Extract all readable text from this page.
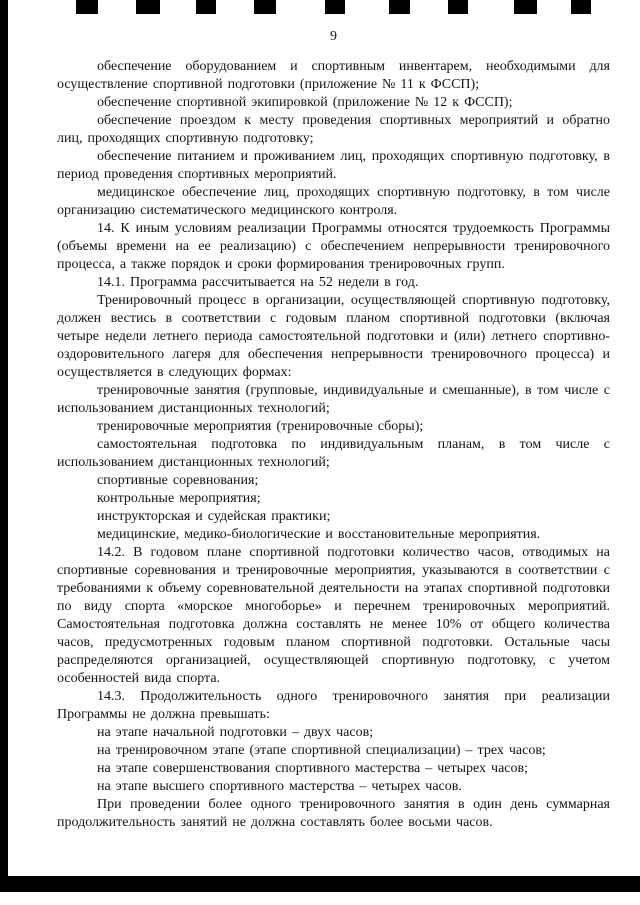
9

обеспечение оборудованием и спортивным инвентарем, необходимыми для осуществление спортивной подготовки (приложение № 11 к ФССП);

обеспечение спортивной экипировкой (приложение № 12 к ФССП);

обеспечение проездом к месту проведения спортивных мероприятий и обратно лиц, проходящих спортивную подготовку;

обеспечение питанием и проживанием лиц, проходящих спортивную подготовку, в период проведения спортивных мероприятий.

медицинское обеспечение лиц, проходящих спортивную подготовку, в том числе организацию систематического медицинского контроля.

14. К иным условиям реализации Программы относятся трудоемкость Программы (объемы времени на ее реализацию) с обеспечением непрерывности тренировочного процесса, а также порядок и сроки формирования тренировочных групп.

14.1. Программа рассчитывается на 52 недели в год.

Тренировочный процесс в организации, осуществляющей спортивную подготовку, должен вестись в соответствии с годовым планом спортивной подготовки (включая четыре недели летнего периода самостоятельной подготовки и (или) летнего спортивно-оздоровительного лагеря для обеспечения непрерывности тренировочного процесса) и осуществляется в следующих формах:

тренировочные занятия (групповые, индивидуальные и смешанные), в том числе с использованием дистанционных технологий;

тренировочные мероприятия (тренировочные сборы);

самостоятельная подготовка по индивидуальным планам, в том числе с использованием дистанционных технологий;

спортивные соревнования;

контрольные мероприятия;

инструкторская и судейская практики;

медицинские, медико-биологические и восстановительные мероприятия.

14.2. В годовом плане спортивной подготовки количество часов, отводимых на спортивные соревнования и тренировочные мероприятия, указываются в соответствии с требованиями к объему соревновательной деятельности на этапах спортивной подготовки по виду спорта «морское многоборье» и перечнем тренировочных мероприятий. Самостоятельная подготовка должна составлять не менее 10% от общего количества часов, предусмотренных годовым планом спортивной подготовки. Остальные часы распределяются организацией, осуществляющей спортивную подготовку, с учетом особенностей вида спорта.

14.3. Продолжительность одного тренировочного занятия при реализации Программы не должна превышать:

на этапе начальной подготовки – двух часов;

на тренировочном этапе (этапе спортивной специализации) – трех часов;

на этапе совершенствования спортивного мастерства – четырех часов;

на этапе высшего спортивного мастерства – четырех часов.

При проведении более одного тренировочного занятия в один день суммарная продолжительность занятий не должна составлять более восьми часов.
